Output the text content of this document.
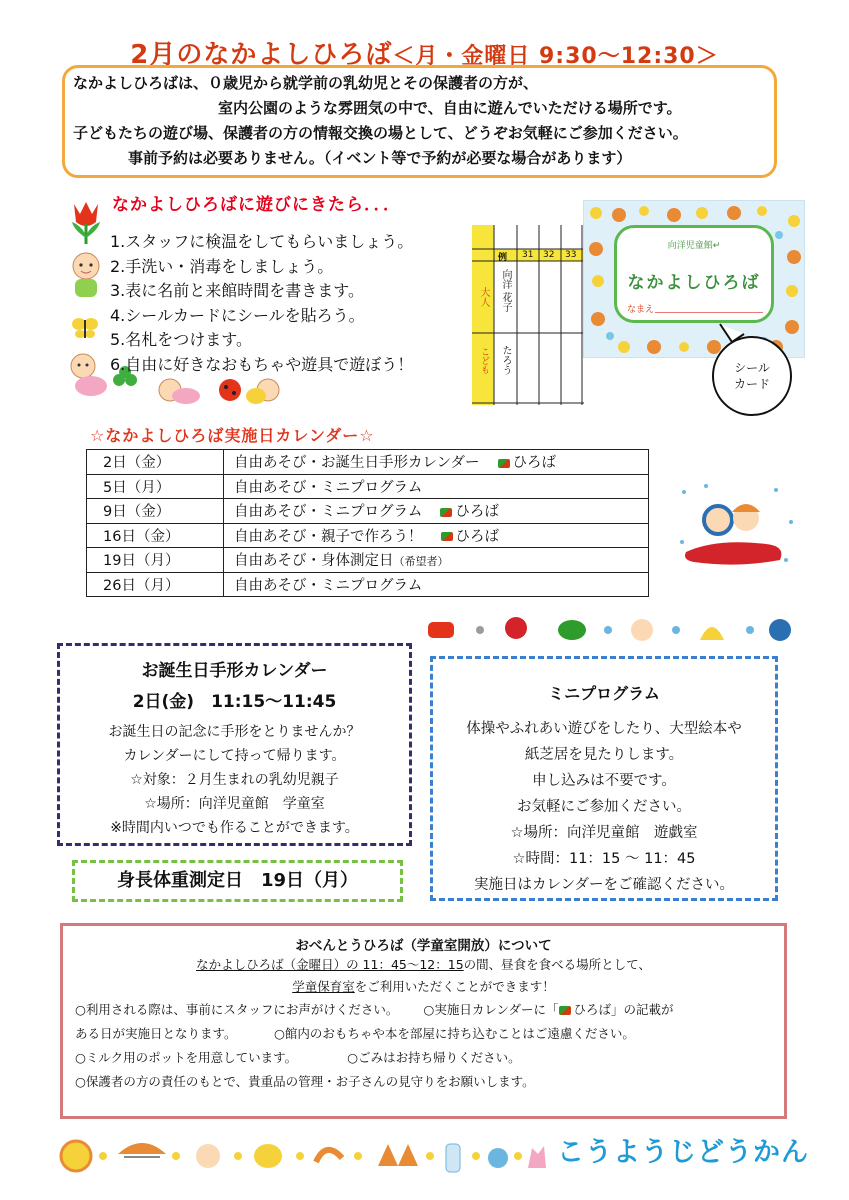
2月のなかよしひろば＜月・金曜日 9:30〜12:30＞
なかよしひろばは、０歳児から就学前の乳幼児とその保護者の方が、
室内公園のような雰囲気の中で、自由に遊んでいただける場所です。
子どもたちの遊び場、保護者の方の情報交換の場として、どうぞお気軽にご参加ください。
事前予約は必要ありません。（イベント等で予約が必要な場合があります）
なかよしひろばに遊びにきたら．．．
1.スタッフに検温をしてもらいましょう。
2.手洗い・消毒をしましょう。
3.表に名前と来館時間を書きます。
4.シールカードにシールを貼ろう。
5.名札をつけます。
6.自由に好きなおもちゃや遊具で遊ぼう！
例 31 32 33
大人
こども
向洋 花子
たろう
向洋児童館↵
なかよしひろば
なまえ
シール
カード
☆なかよしひろば実施日カレンダー☆
2日（金）	自由あそび・お誕生日手形カレンダー ひろば
5日（月）	自由あそび・ミニプログラム
9日（金）	自由あそび・ミニプログラム ひろば
16日（金）	自由あそび・親子で作ろう！ ひろば
19日（月）	自由あそび・身体測定日（希望者）
26日（月）	自由あそび・ミニプログラム
お誕生日手形カレンダー
2日(金)　11:15〜11:45
お誕生日の記念に手形をとりませんか？
カレンダーにして持って帰ります。
☆対象：２月生まれの乳幼児親子
☆場所：向洋児童館　学童室
※時間内いつでも作ることができます。
身長体重測定日　19日（月）
ミニプログラム
体操やふれあい遊びをしたり、大型絵本や
紙芝居を見たりします。
申し込みは不要です。
お気軽にご参加ください。
☆場所：向洋児童館　遊戯室
☆時間：11：15 〜 11：45
実施日はカレンダーをご確認ください。
おべんとうひろば（学童室開放）について
なかよしひろば（金曜日）の 11：45〜12：15の間、昼食を食べる場所として、
学童保育室をご利用いただくことができます！
○利用される際は、事前にスタッフにお声がけください。   ○実施日カレンダーに「 ひろば」の記載が
ある日が実施日となります。   	○館内のおもちゃや本を部屋に持ち込むことはご遠慮ください。
○ミルク用のポットを用意しています。    	○ごみはお持ち帰りください。
○保護者の方の責任のもとで、貴重品の管理・お子さんの見守りをお願いします。
こうようじどうかん
